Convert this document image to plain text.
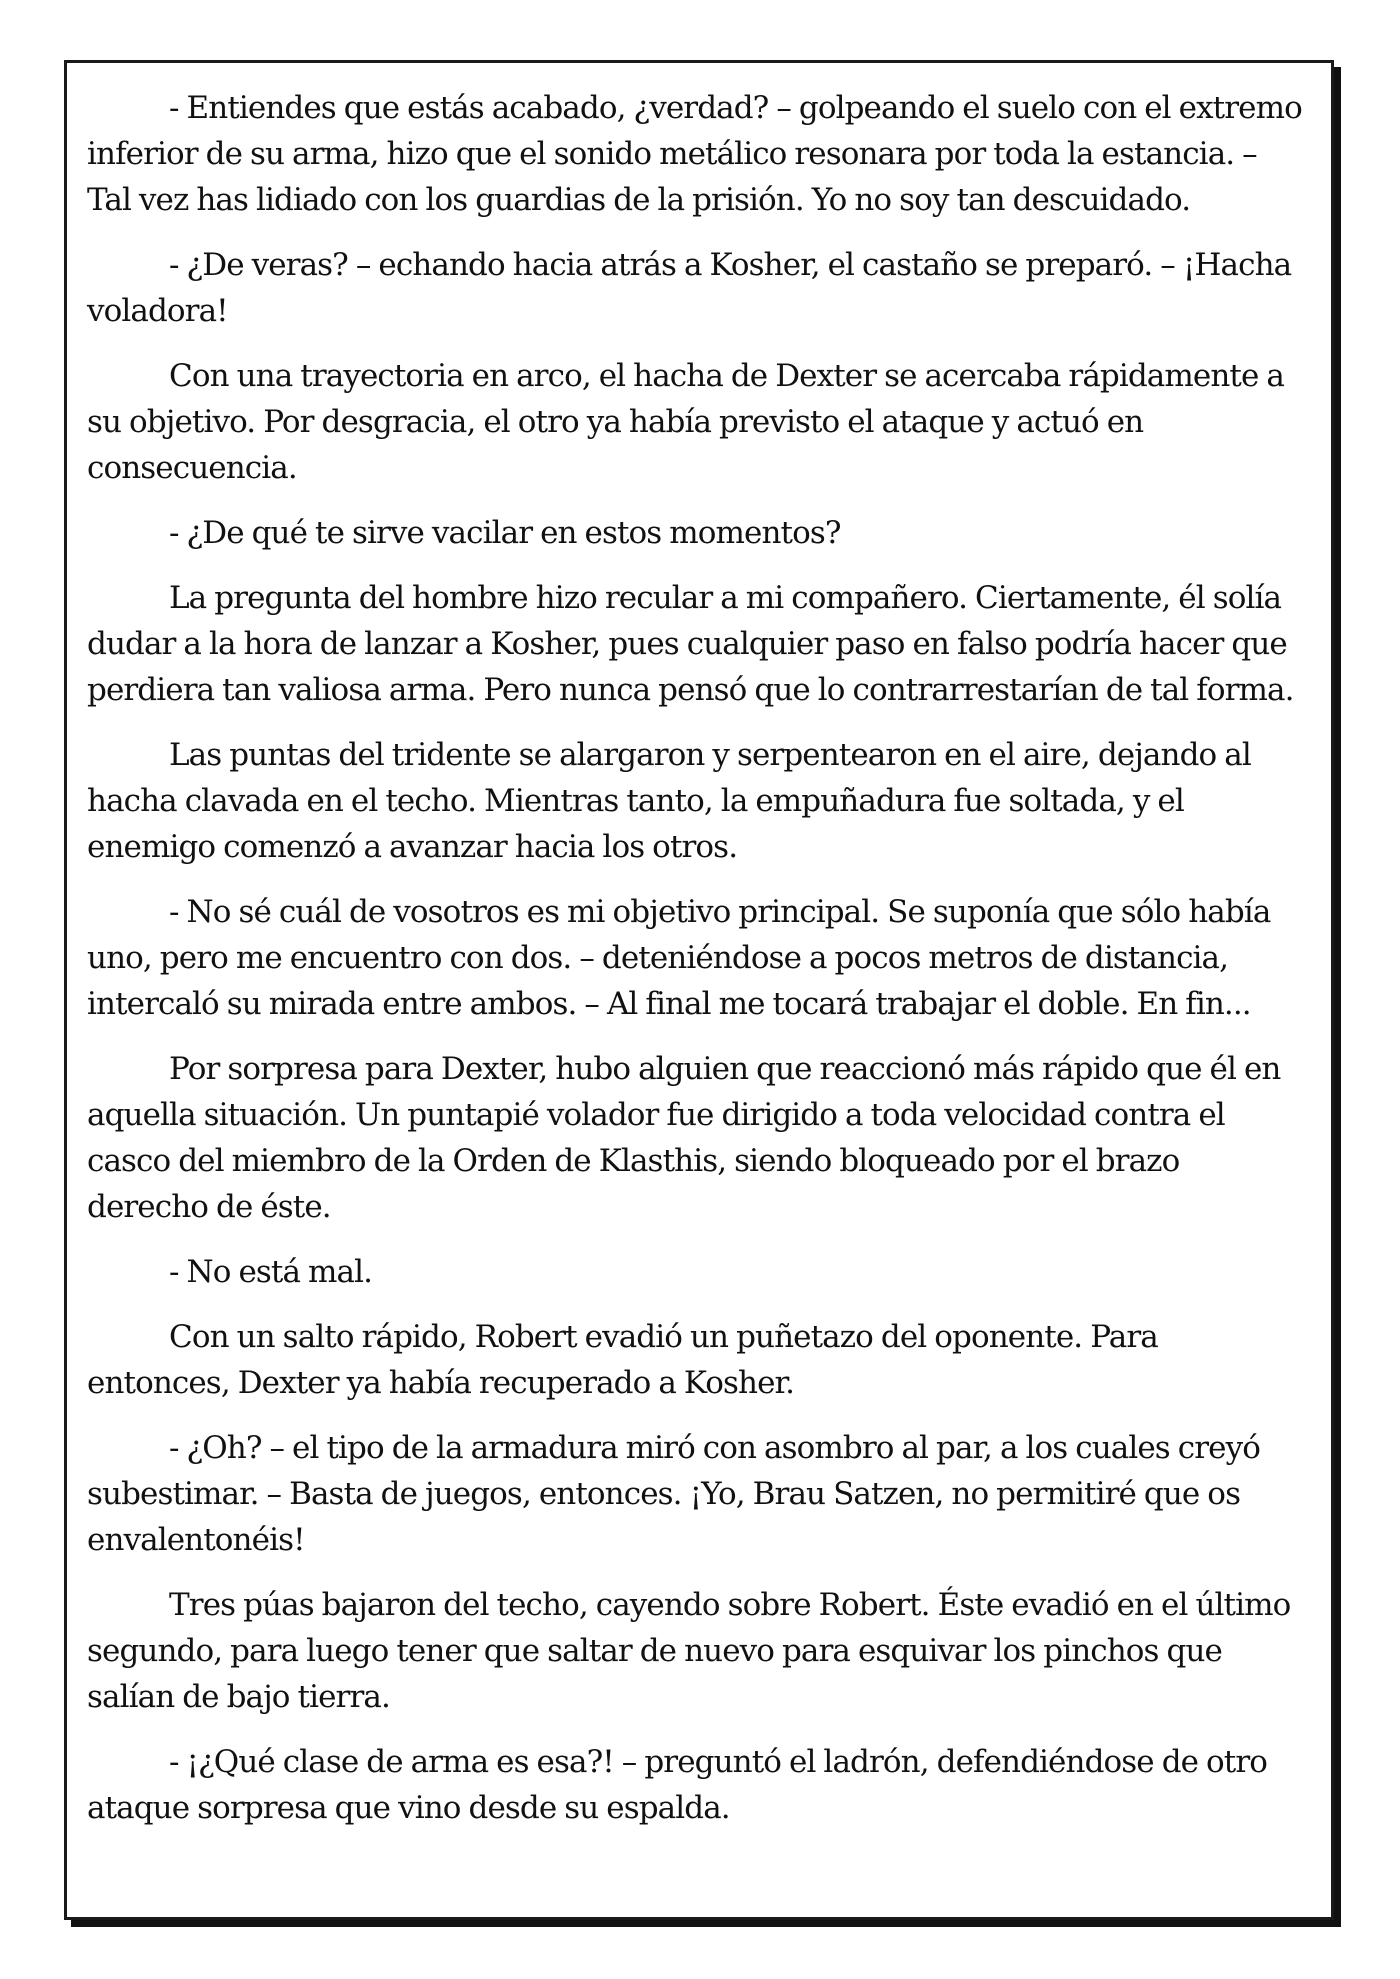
- Entiendes que estás acabado, ¿verdad? – golpeando el suelo con el extremo inferior de su arma, hizo que el sonido metálico resonara por toda la estancia. – Tal vez has lidiado con los guardias de la prisión. Yo no soy tan descuidado.

- ¿De veras? – echando hacia atrás a Kosher, el castaño se preparó. – ¡Hacha voladora!

Con una trayectoria en arco, el hacha de Dexter se acercaba rápidamente a su objetivo. Por desgracia, el otro ya había previsto el ataque y actuó en consecuencia.

- ¿De qué te sirve vacilar en estos momentos?

La pregunta del hombre hizo recular a mi compañero. Ciertamente, él solía dudar a la hora de lanzar a Kosher, pues cualquier paso en falso podría hacer que perdiera tan valiosa arma. Pero nunca pensó que lo contrarrestarían de tal forma.

Las puntas del tridente se alargaron y serpentearon en el aire, dejando al hacha clavada en el techo. Mientras tanto, la empuñadura fue soltada, y el enemigo comenzó a avanzar hacia los otros.

- No sé cuál de vosotros es mi objetivo principal. Se suponía que sólo había uno, pero me encuentro con dos. – deteniéndose a pocos metros de distancia, intercaló su mirada entre ambos. – Al final me tocará trabajar el doble. En fin...

Por sorpresa para Dexter, hubo alguien que reaccionó más rápido que él en aquella situación. Un puntapié volador fue dirigido a toda velocidad contra el casco del miembro de la Orden de Klasthis, siendo bloqueado por el brazo derecho de éste.

- No está mal.

Con un salto rápido, Robert evadió un puñetazo del oponente. Para entonces, Dexter ya había recuperado a Kosher.

- ¿Oh? – el tipo de la armadura miró con asombro al par, a los cuales creyó subestimar. – Basta de juegos, entonces. ¡Yo, Brau Satzen, no permitiré que os envalentonéis!

Tres púas bajaron del techo, cayendo sobre Robert. Éste evadió en el último segundo, para luego tener que saltar de nuevo para esquivar los pinchos que salían de bajo tierra.

- ¡¿Qué clase de arma es esa?! – preguntó el ladrón, defendiéndose de otro ataque sorpresa que vino desde su espalda.
